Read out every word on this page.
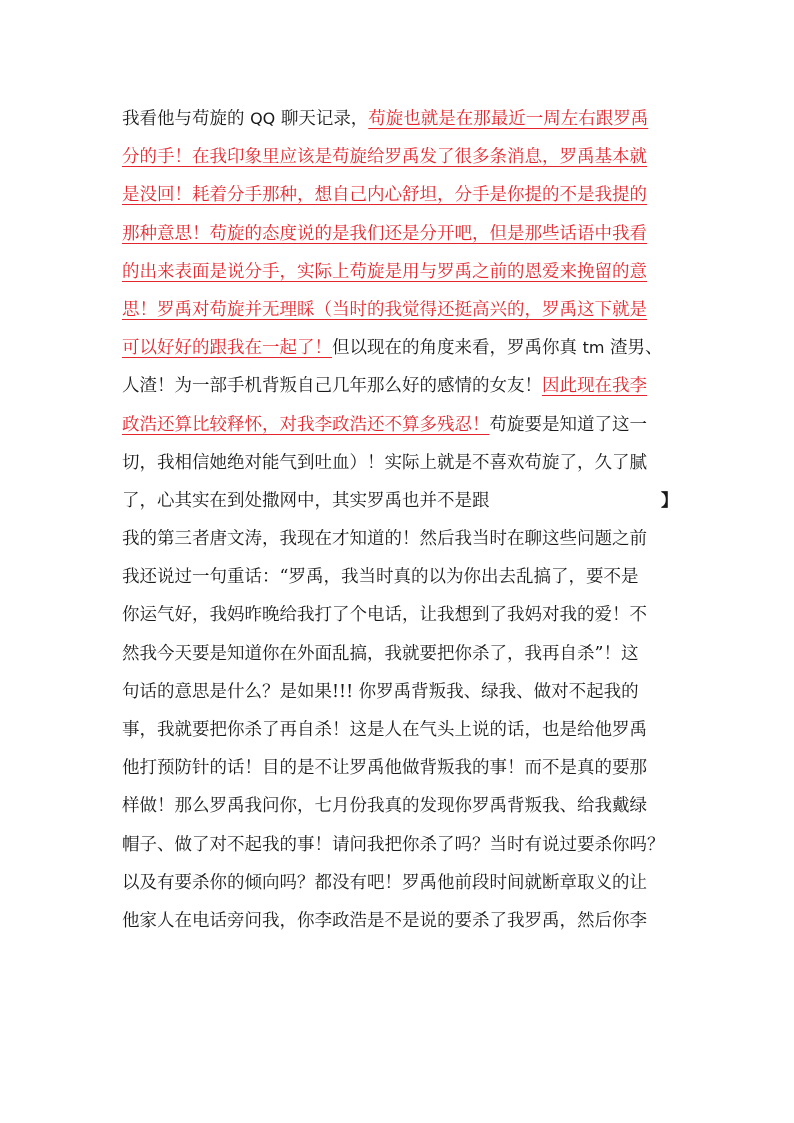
我看他与苟旋的 QQ 聊天记录，苟旋也就是在那最近一周左右跟罗禹
分的手！在我印象里应该是苟旋给罗禹发了很多条消息，罗禹基本就
是没回！耗着分手那种，想自己内心舒坦，分手是你提的不是我提的
那种意思！苟旋的态度说的是我们还是分开吧，但是那些话语中我看
的出来表面是说分手，实际上苟旋是用与罗禹之前的恩爱来挽留的意
思！罗禹对苟旋并无理睬（当时的我觉得还挺高兴的，罗禹这下就是
可以好好的跟我在一起了！但以现在的角度来看，罗禹你真 tm 渣男、
人渣！为一部手机背叛自己几年那么好的感情的女友！因此现在我李
政浩还算比较释怀，对我李政浩还不算多残忍！苟旋要是知道了这一
切，我相信她绝对能气到吐血）！实际上就是不喜欢苟旋了，久了腻
了，心其实在到处撒网中，其实罗禹也并不是跟	】
我的第三者唐文涛，我现在才知道的！然后我当时在聊这些问题之前
我还说过一句重话：“罗禹，我当时真的以为你出去乱搞了，要不是
你运气好，我妈昨晚给我打了个电话，让我想到了我妈对我的爱！不
然我今天要是知道你在外面乱搞，我就要把你杀了，我再自杀”！这
句话的意思是什么？是如果!!! 你罗禹背叛我、绿我、做对不起我的
事，我就要把你杀了再自杀！这是人在气头上说的话，也是给他罗禹
他打预防针的话！目的是不让罗禹他做背叛我的事！而不是真的要那
样做！那么罗禹我问你，七月份我真的发现你罗禹背叛我、给我戴绿
帽子、做了对不起我的事！请问我把你杀了吗？当时有说过要杀你吗？
以及有要杀你的倾向吗？都没有吧！罗禹他前段时间就断章取义的让
他家人在电话旁问我，你李政浩是不是说的要杀了我罗禹，然后你李
